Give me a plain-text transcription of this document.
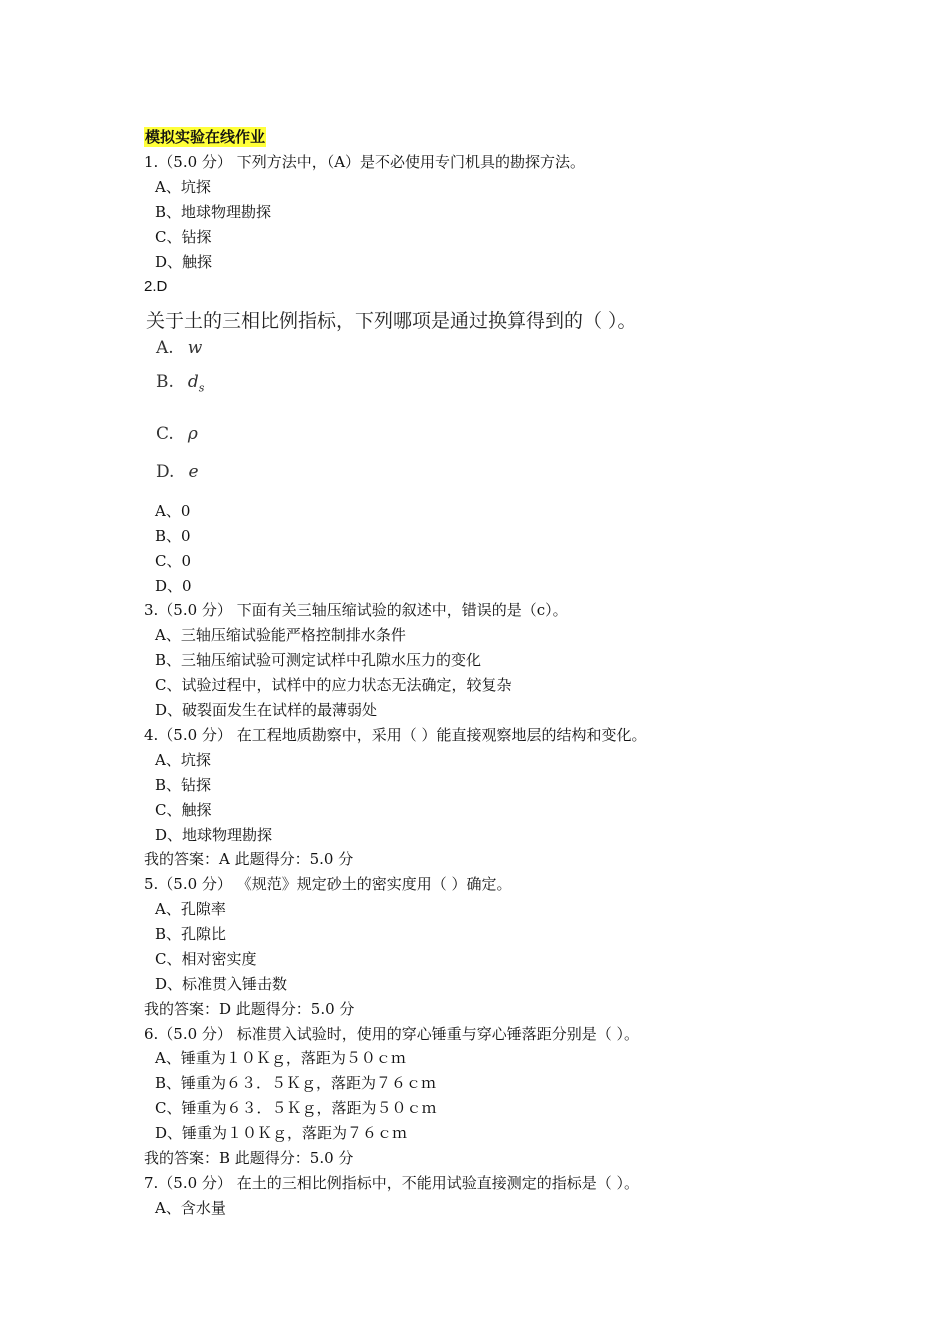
模拟实验在线作业
1.（5.0 分） 下列方法中，（A）是不必使用专门机具的勘探方法。
A、坑探
B、地球物理勘探
C、钻探
D、触探
2.D
关于土的三相比例指标，下列哪项是通过换算得到的（ ）。
A. w
B. $d_s$
C. ρ
D. e
A、0
B、0
C、0
D、0
3.（5.0 分） 下面有关三轴压缩试验的叙述中，错误的是（c）。
A、三轴压缩试验能严格控制排水条件
B、三轴压缩试验可测定试样中孔隙水压力的变化
C、试验过程中，试样中的应力状态无法确定，较复杂
D、破裂面发生在试样的最薄弱处
4.（5.0 分） 在工程地质勘察中，采用（ ）能直接观察地层的结构和变化。
A、坑探
B、钻探
C、触探
D、地球物理勘探
我的答案：A 此题得分：5.0 分
5.（5.0 分） 《规范》规定砂土的密实度用（ ）确定。
A、孔隙率
B、孔隙比
C、相对密实度
D、标准贯入锤击数
我的答案：D 此题得分：5.0 分
6.（5.0 分） 标准贯入试验时，使用的穿心锤重与穿心锤落距分别是（ ）。
A、锤重为１０Ｋｇ，落距为５０ｃｍ
B、锤重为６３．５Ｋｇ，落距为７６ｃｍ
C、锤重为６３．５Ｋｇ，落距为５０ｃｍ
D、锤重为１０Ｋｇ，落距为７６ｃｍ
我的答案：B 此题得分：5.0 分
7.（5.0 分） 在土的三相比例指标中，不能用试验直接测定的指标是（ ）。
A、含水量
